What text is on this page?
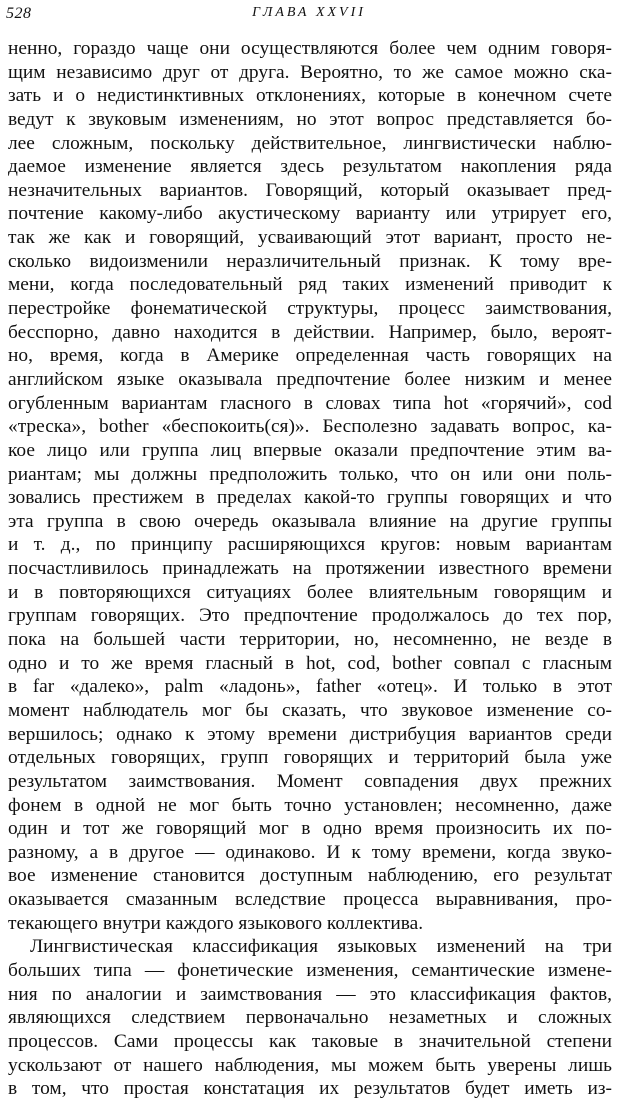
528	ГЛАВА XXVII
ненно, гораздо чаще они осуществляются более чем одним говоря-
щим независимо друг от друга. Вероятно, то же самое можно ска-
зать и о недистинктивных отклонениях, которые в конечном счете
ведут к звуковым изменениям, но этот вопрос представляется бо-
лее сложным, поскольку действительное, лингвистически наблю-
даемое изменение является здесь результатом накопления ряда
незначительных вариантов. Говорящий, который оказывает пред-
почтение какому-либо акустическому варианту или утрирует его,
так же как и говорящий, усваивающий этот вариант, просто не-
сколько видоизменили неразличительный признак. К тому вре-
мени, когда последовательный ряд таких изменений приводит к
перестройке фонематической структуры, процесс заимствования,
бесспорно, давно находится в действии. Например, было, вероят-
но, время, когда в Америке определенная часть говорящих на
английском языке оказывала предпочтение более низким и менее
огубленным вариантам гласного в словах типа hot «горячий», cod
«треска», bother «беспокоить(ся)». Бесполезно задавать вопрос, ка-
кое лицо или группа лиц впервые оказали предпочтение этим ва-
риантам; мы должны предположить только, что он или они поль-
зовались престижем в пределах какой-то группы говорящих и что
эта группа в свою очередь оказывала влияние на другие группы
и т. д., по принципу расширяющихся кругов: новым вариантам
посчастливилось принадлежать на протяжении известного времени
и в повторяющихся ситуациях более влиятельным говорящим и
группам говорящих. Это предпочтение продолжалось до тех пор,
пока на большей части территории, но, несомненно, не везде в
одно и то же время гласный в hot, cod, bother совпал с гласным
в far «далеко», palm «ладонь», father «отец». И только в этот
момент наблюдатель мог бы сказать, что звуковое изменение со-
вершилось; однако к этому времени дистрибуция вариантов среди
отдельных говорящих, групп говорящих и территорий была уже
результатом заимствования. Момент совпадения двух прежних
фонем в одной не мог быть точно установлен; несомненно, даже
один и тот же говорящий мог в одно время произносить их по-
разному, а в другое — одинаково. И к тому времени, когда звуко-
вое изменение становится доступным наблюдению, его результат
оказывается смазанным вследствие процесса выравнивания, про-
текающего внутри каждого языкового коллектива.
Лингвистическая классификация языковых изменений на три
больших типа — фонетические изменения, семантические измене-
ния по аналогии и заимствования — это классификация фактов,
являющихся следствием первоначально незаметных и сложных
процессов. Сами процессы как таковые в значительной степени
ускользают от нашего наблюдения, мы можем быть уверены лишь
в том, что простая констатация их результатов будет иметь из-
